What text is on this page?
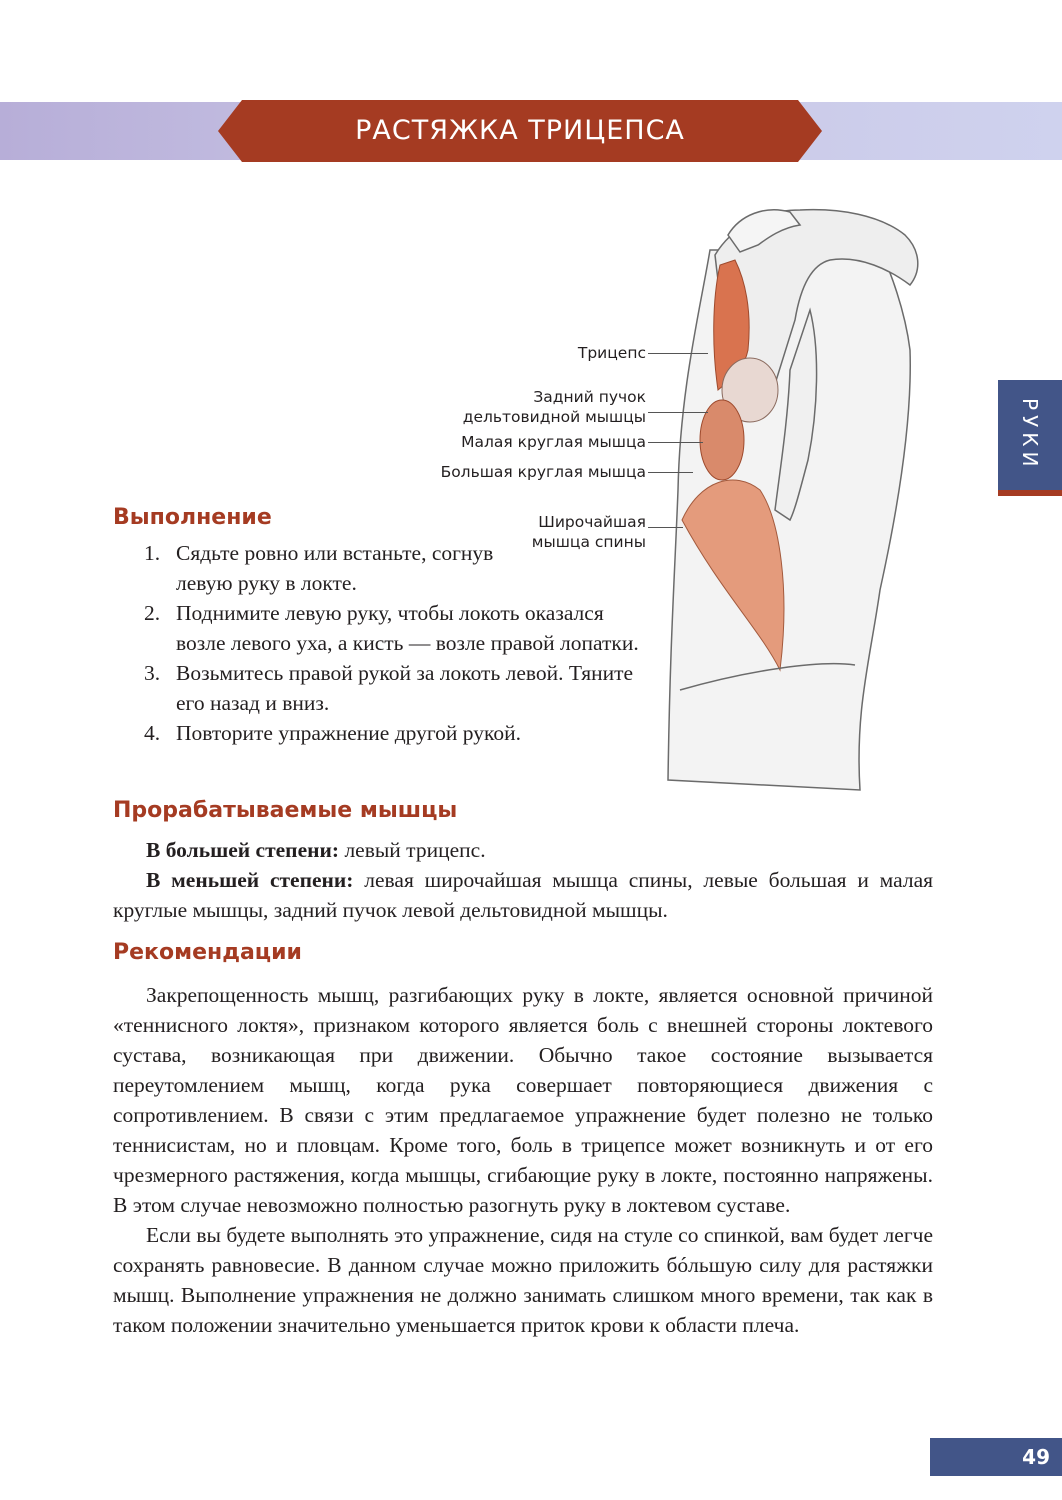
РАСТЯЖКА ТРИЦЕПСА
РУКИ
Трицепс
Задний пучок
дельтовидной мышцы
Малая круглая мышца
Большая круглая мышца
Широчайшая
мышца спины
Выполнение
1. Сядьте ровно или встаньте, согнув левую руку в локте.
2. Поднимите левую руку, чтобы локоть оказался возле левого уха, а кисть — возле правой лопатки.
3. Возьмитесь правой рукой за локоть левой. Тяните его назад и вниз.
4. Повторите упражнение другой рукой.
Прорабатываемые мышцы

В большей степени: левый трицепс.

В меньшей степени: левая широчайшая мышца спины, левые большая и малая круглые мышцы, задний пучок левой дельтовидной мышцы.

Рекомендации

Закрепощенность мышц, разгибающих руку в локте, является основной причиной «теннисного локтя», признаком которого является боль с внешней стороны локтевого сустава, возникающая при движении. Обычно такое состояние вызывается переутомлением мышц, когда рука совершает повторяющиеся движения с сопротивлением. В связи с этим предлагаемое упражнение будет полезно не только теннисистам, но и пловцам. Кроме того, боль в трицепсе может возникнуть и от его чрезмерного растяжения, когда мышцы, сгибающие руку в локте, постоянно напряжены. В этом случае невозможно полностью разогнуть руку в локтевом суставе.

Если вы будете выполнять это упражнение, сидя на стуле со спинкой, вам будет легче сохранять равновесие. В данном случае можно приложить бóльшую силу для растяжки мышц. Выполнение упражнения не должно занимать слишком много времени, так как в таком положении значительно уменьшается приток крови к области плеча.

49
